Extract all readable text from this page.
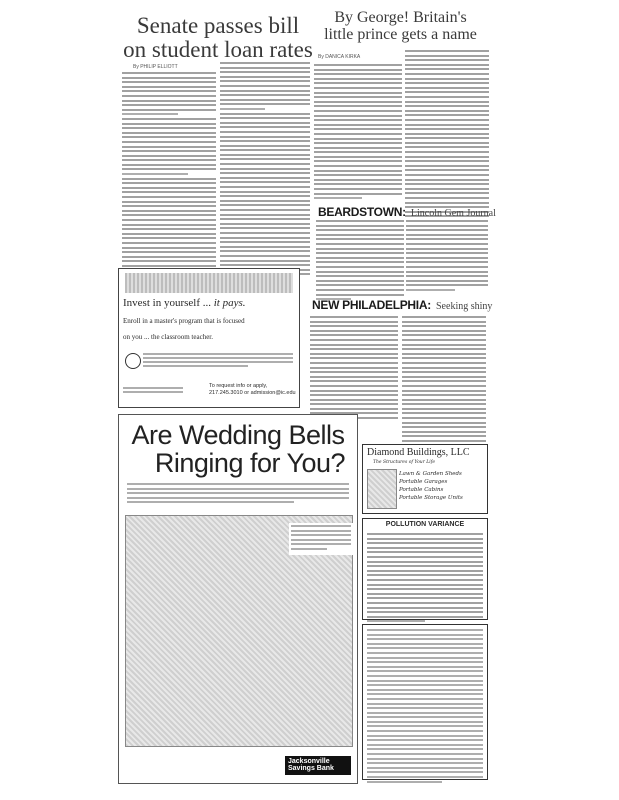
Senate passes bill
on student loan rates
By PHILIP ELLIOTT
By George! Britain's
little prince gets a name
By DANICA KIRKA
BEARDSTOWN: Lincoln Gem Journal
NEW PHILADELPHIA: Seeking shiny
Invest in yourself ... it pays.
Enroll in a master's program that is focused
on you ... the classroom teacher.
To request info or apply,
217.245.3010 or admission@ic.edu
Are Wedding Bells
Ringing for You?
Jacksonville Savings Bank
Diamond Buildings, LLC
The Structures of Your Life
Lawn & Garden Sheds
Portable Garages
Portable Cabins
Portable Storage Units
POLLUTION VARIANCE
